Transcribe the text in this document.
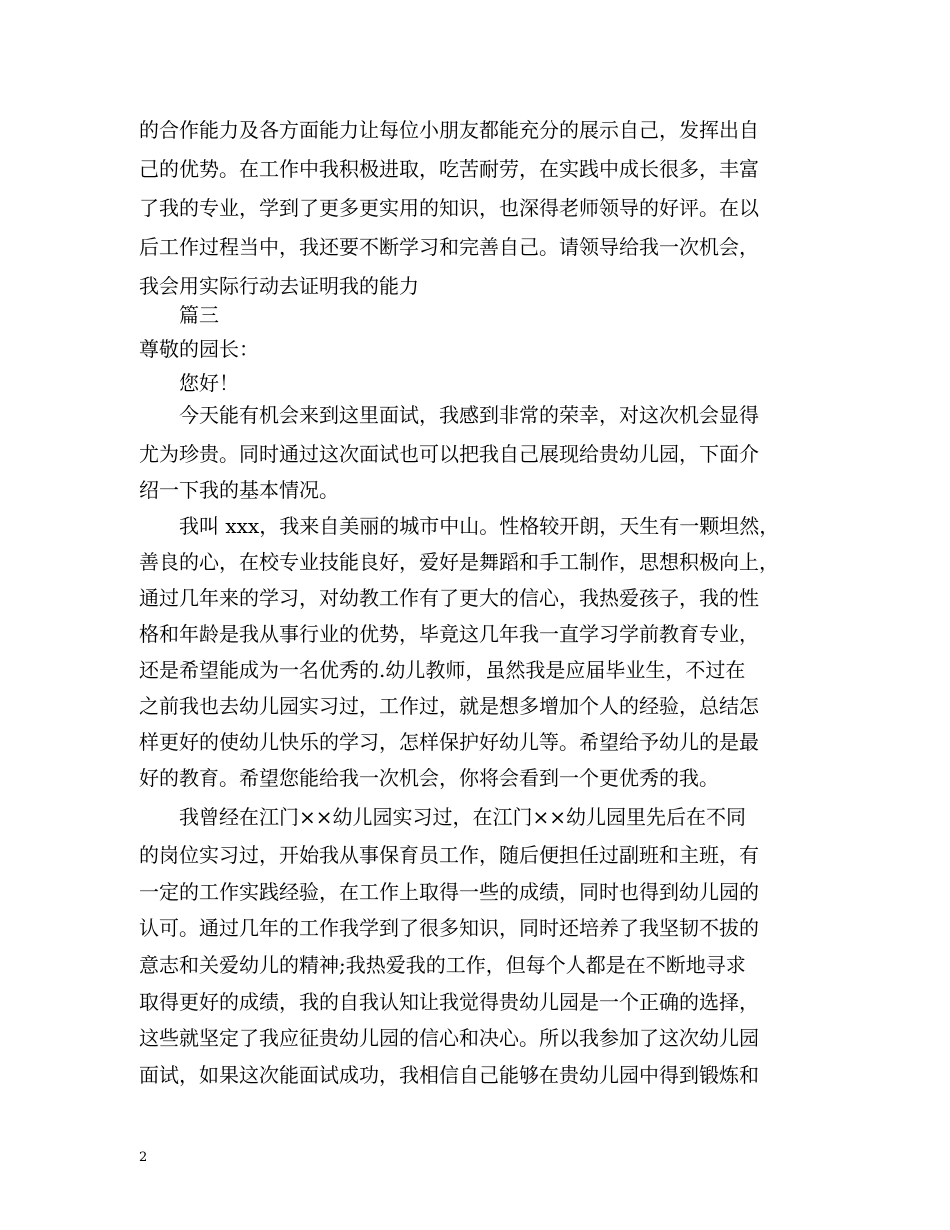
的合作能力及各方面能力让每位小朋友都能充分的展示自己，发挥出自
己的优势。在工作中我积极进取，吃苦耐劳，在实践中成长很多，丰富
了我的专业，学到了更多更实用的知识，也深得老师领导的好评。在以
后工作过程当中，我还要不断学习和完善自己。请领导给我一次机会，
我会用实际行动去证明我的能力
篇三
尊敬的园长：
您好！
今天能有机会来到这里面试，我感到非常的荣幸，对这次机会显得
尤为珍贵。同时通过这次面试也可以把我自己展现给贵幼儿园，下面介
绍一下我的基本情况。
我叫 xxx，我来自美丽的城市中山。性格较开朗，天生有一颗坦然，
善良的心，在校专业技能良好，爱好是舞蹈和手工制作，思想积极向上，
通过几年来的学习，对幼教工作有了更大的信心，我热爱孩子，我的性
格和年龄是我从事行业的优势，毕竟这几年我一直学习学前教育专业，
还是希望能成为一名优秀的.幼儿教师，虽然我是应届毕业生，不过在
之前我也去幼儿园实习过，工作过，就是想多增加个人的经验，总结怎
样更好的使幼儿快乐的学习，怎样保护好幼儿等。希望给予幼儿的是最
好的教育。希望您能给我一次机会，你将会看到一个更优秀的我。
我曾经在江门××幼儿园实习过，在江门××幼儿园里先后在不同
的岗位实习过，开始我从事保育员工作，随后便担任过副班和主班，有
一定的工作实践经验，在工作上取得一些的成绩，同时也得到幼儿园的
认可。通过几年的工作我学到了很多知识，同时还培养了我坚韧不拔的
意志和关爱幼儿的精神;我热爱我的工作，但每个人都是在不断地寻求
取得更好的成绩，我的自我认知让我觉得贵幼儿园是一个正确的选择，
这些就坚定了我应征贵幼儿园的信心和决心。所以我参加了这次幼儿园
面试，如果这次能面试成功，我相信自己能够在贵幼儿园中得到锻炼和
2
